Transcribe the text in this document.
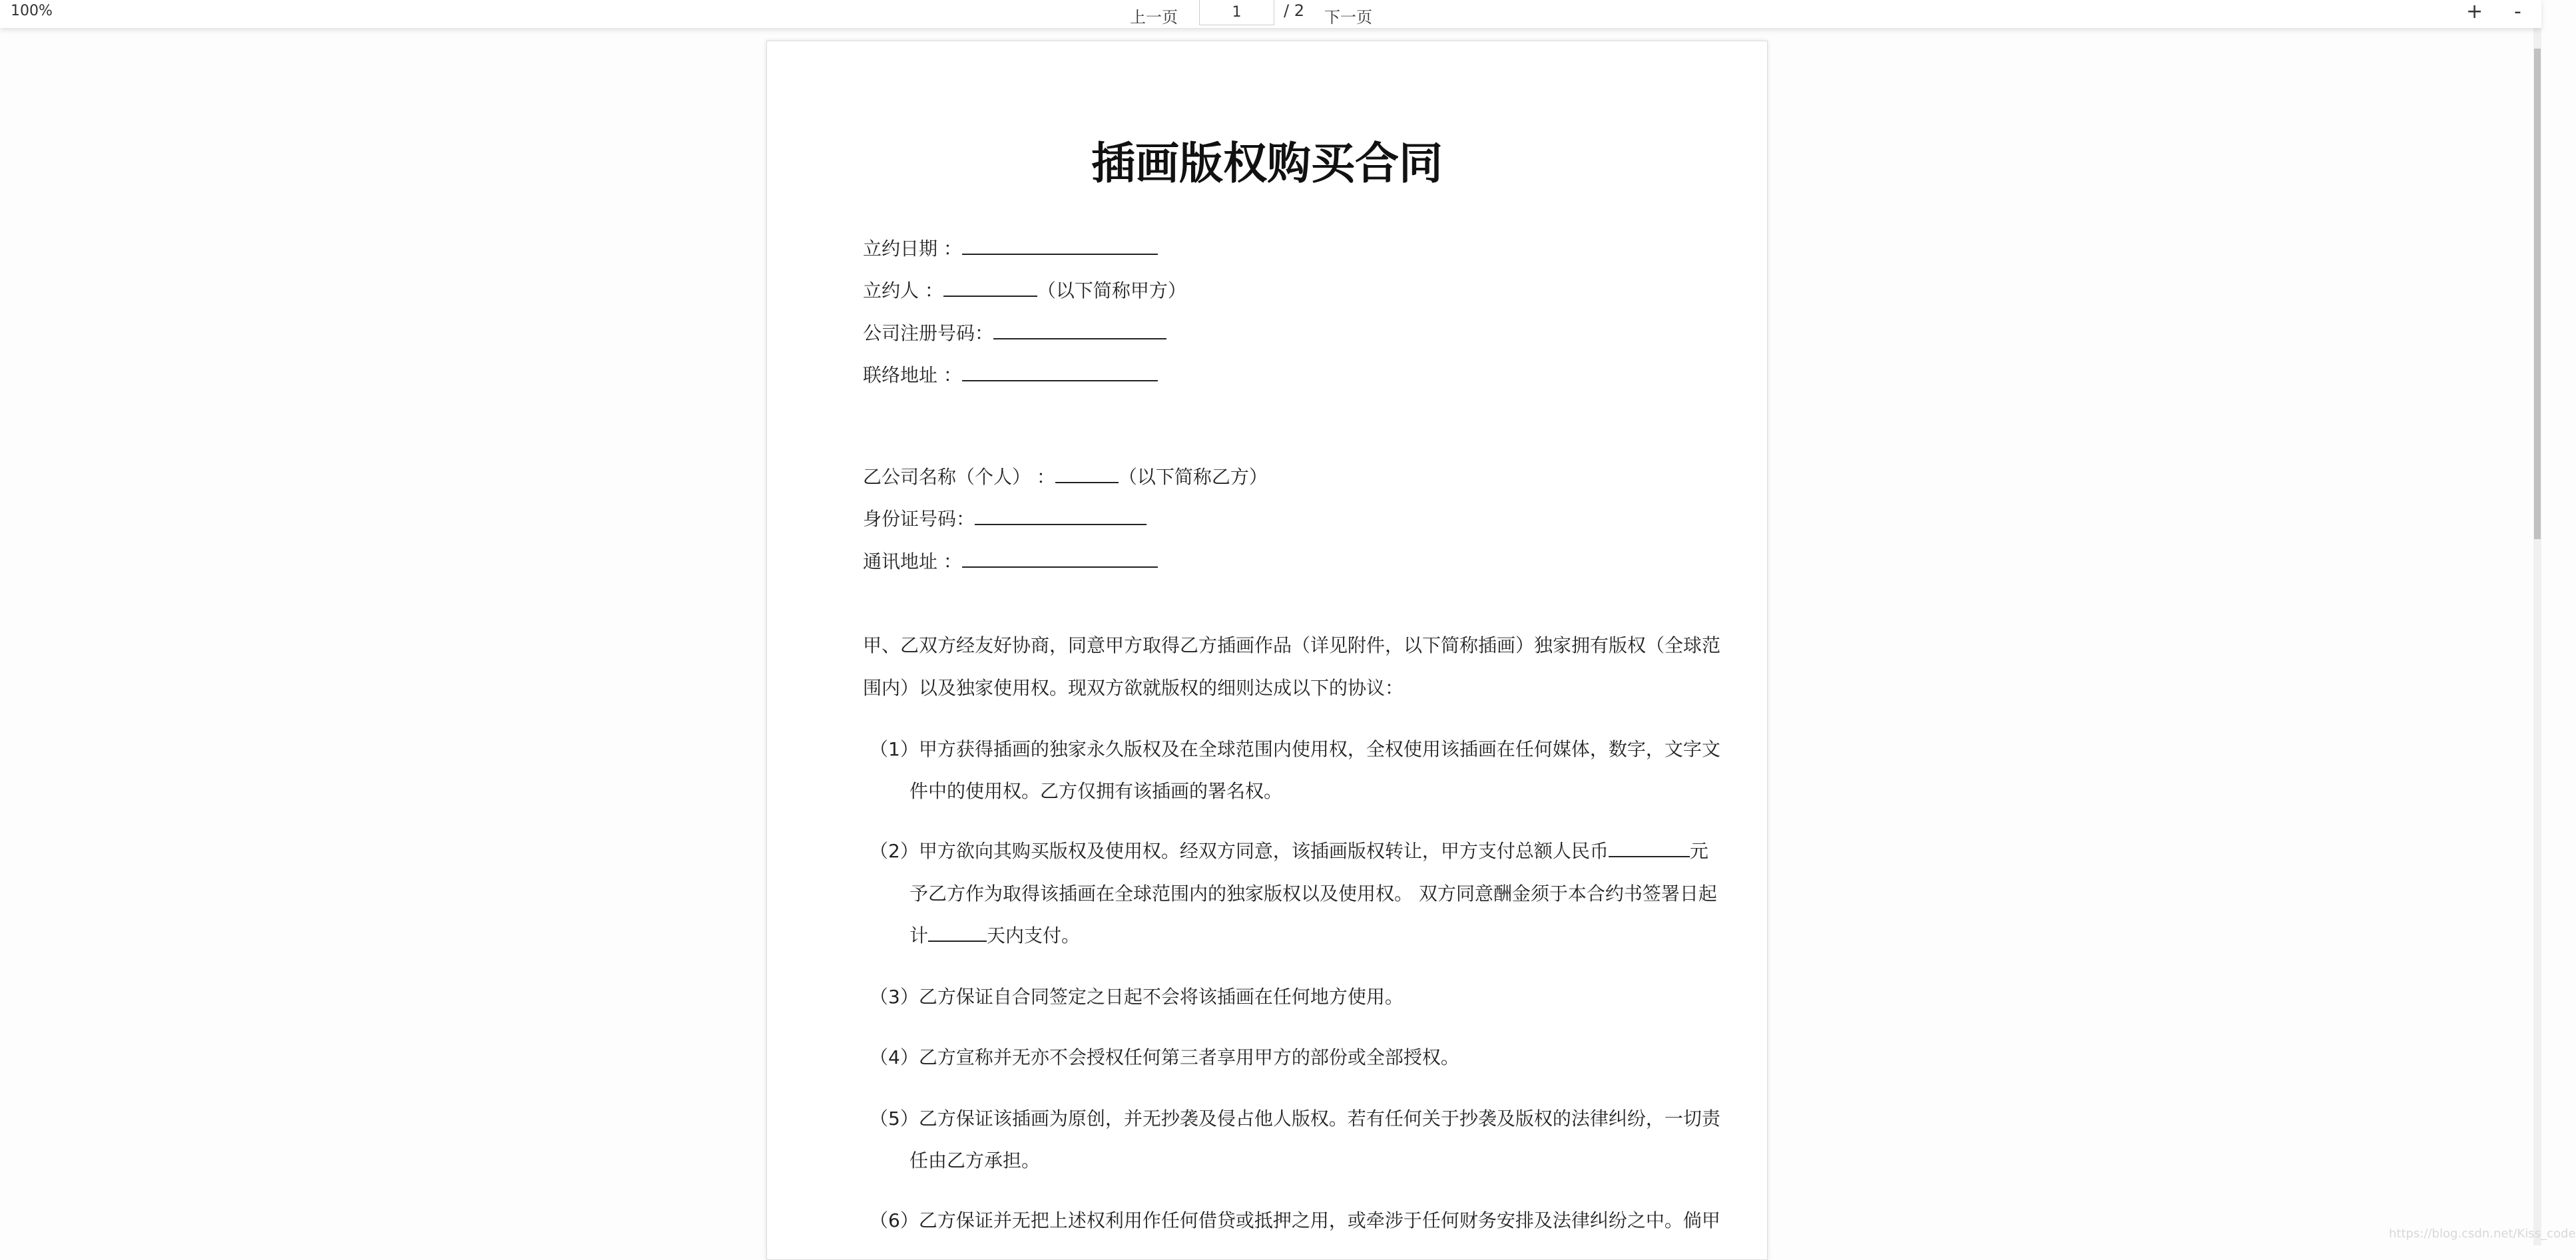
100%	上一页	1	/ 2 下一页	+ -
插画版权购买合同
立约日期 ：
立约人 ：	（以下简称甲方）
公司注册号码：
联络地址 ：
乙公司名称（个人） ：	（以下简称乙方）
身份证号码：
通讯地址 ：
甲、乙双方经友好协商，同意甲方取得乙方插画作品（详见附件，以下简称插画）独家拥有版权（全球范
围内）以及独家使用权。现双方欲就版权的细则达成以下的协议：
（1）甲方获得插画的独家永久版权及在全球范围内使用权，全权使用该插画在任何媒体，数字，文字文
件中的使用权。乙方仅拥有该插画的署名权。
（2）甲方欲向其购买版权及使用权。经双方同意，该插画版权转让，甲方支付总额人民币	元
予乙方作为取得该插画在全球范围内的独家版权以及使用权。 双方同意酬金须于本合约书签署日起
计	天内支付。
（3）乙方保证自合同签定之日起不会将该插画在任何地方使用。
（4）乙方宣称并无亦不会授权任何第三者享用甲方的部份或全部授权。
（5）乙方保证该插画为原创，并无抄袭及侵占他人版权。若有任何关于抄袭及版权的法律纠纷，一切责
任由乙方承担。
（6）乙方保证并无把上述权利用作任何借贷或抵押之用，或牵涉于任何财务安排及法律纠纷之中。倘甲
https://blog.csdn.net/Kiss_code
